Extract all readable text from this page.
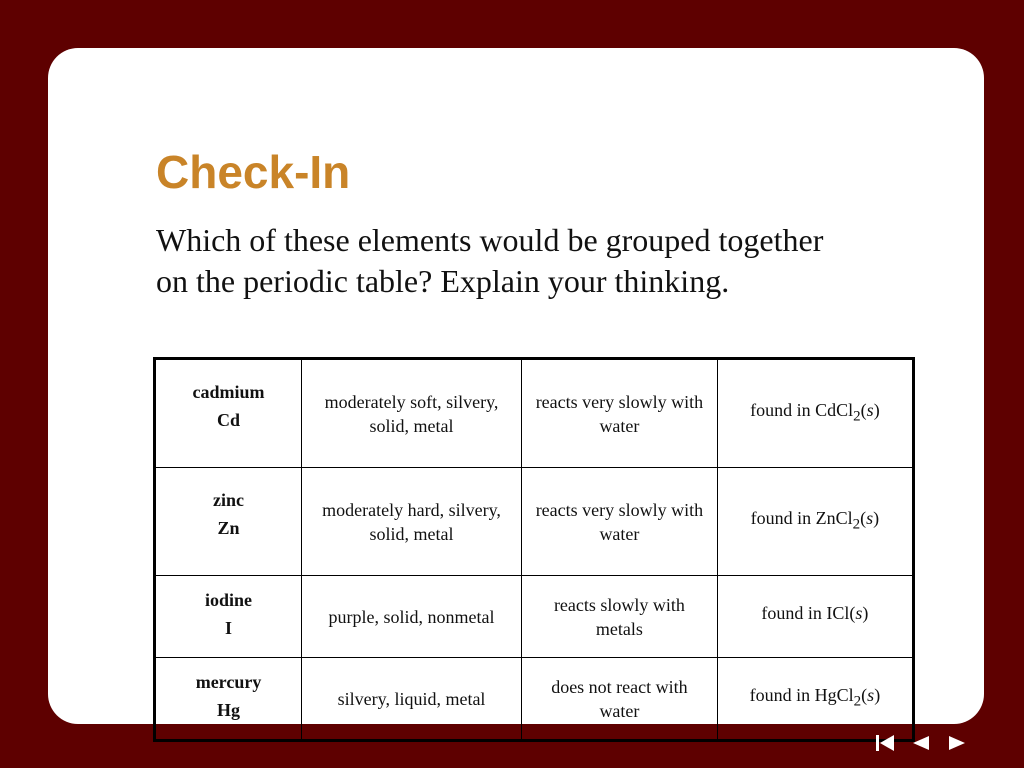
Check-In

Which of these elements would be grouped together on the periodic table? Explain your thinking.

cadmium
Cd	moderately soft, silvery, solid, metal	reacts very slowly with water	found in CdCl$_2$(s)

zinc
Zn	moderately hard, silvery, solid, metal	reacts very slowly with water	found in ZnCl$_2$(s)

iodine
I	purple, solid, nonmetal	reacts slowly with metals	found in ICl(s)

mercury
Hg	silvery, liquid, metal	does not react with water	found in HgCl$_2$(s)
